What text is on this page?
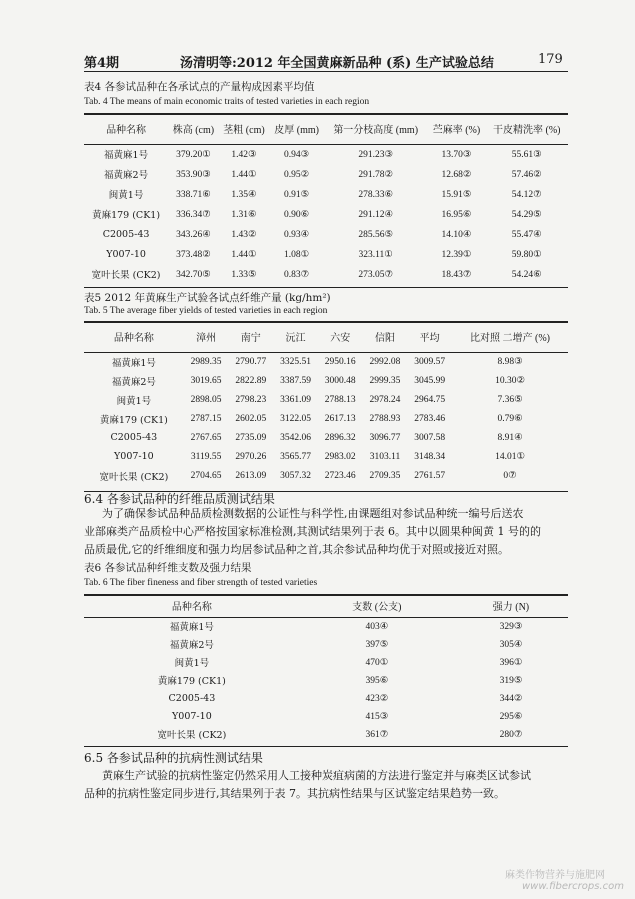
第4期	汤清明等:2012 年全国黄麻新品种 (系) 生产试验总结	179
表4 各参试品种在各承试点的产量构成因素平均值
Tab. 4 The means of main economic traits of tested varieties in each region
品种名称	株高 (cm)	茎粗 (cm)	皮厚 (mm)	第一分枝高度 (mm)	苎麻率 (%)	干皮精洗率 (%)
福黄麻1号	379.20①	1.42③	0.94③	291.23③	13.70③	55.61③
福黄麻2号	353.90③	1.44①	0.95②	291.78②	12.68②	57.46②
闽黄1号	338.71⑥	1.35④	0.91⑤	278.33⑥	15.91⑤	54.12⑦
黄麻179 (CK1)	336.34⑦	1.31⑥	0.90⑥	291.12④	16.95⑥	54.29⑤
C2005-43	343.26④	1.43②	0.93④	285.56⑤	14.10④	55.47④
Y007-10	373.48②	1.44①	1.08①	323.11①	12.39①	59.80①
宽叶长果 (CK2)	342.70⑤	1.33⑤	0.83⑦	273.05⑦	18.43⑦	54.24⑥
表5 2012 年黄麻生产试验各试点纤维产量 (kg/hm²)
Tab. 5 The average fiber yields of tested varieties in each region
品种名称	漳州	南宁	沅江	六安	信阳	平均	比对照 二增产 (%)
福黄麻1号	2989.35	2790.77	3325.51	2950.16	2992.08	3009.57	8.98③
福黄麻2号	3019.65	2822.89	3387.59	3000.48	2999.35	3045.99	10.30②
闽黄1号	2898.05	2798.23	3361.09	2788.13	2978.24	2964.75	7.36⑤
黄麻179 (CK1)	2787.15	2602.05	3122.05	2617.13	2788.93	2783.46	0.79⑥
C2005-43	2767.65	2735.09	3542.06	2896.32	3096.77	3007.58	8.91④
Y007-10	3119.55	2970.26	3565.77	2983.02	3103.11	3148.34	14.01①
宽叶长果 (CK2)	2704.65	2613.09	3057.32	2723.46	2709.35	2761.57	0⑦
6.4 各参试品种的纤维品质测试结果
为了确保参试品种品质检测数据的公证性与科学性,由课题组对参试品种统一编号后送农
业部麻类产品质检中心严格按国家标准检测,其测试结果列于表 6。其中以圆果种闽黄 1 号的的
品质最优,它的纤维细度和强力均居参试品种之首,其余参试品种均优于对照或接近对照。
表6 各参试品种纤维支数及强力结果
Tab. 6 The fiber fineness and fiber strength of tested varieties
品种名称	支数 (公支)	强力 (N)
福黄麻1号	403④	329③
福黄麻2号	397⑤	305④
闽黄1号	470①	396①
黄麻179 (CK1)	395⑥	319⑤
C2005-43	423②	344②
Y007-10	415③	295⑥
宽叶长果 (CK2)	361⑦	280⑦
6.5 各参试品种的抗病性测试结果
黄麻生产试验的抗病性鉴定仍然采用人工接种炭疽病菌的方法进行鉴定并与麻类区试参试
品种的抗病性鉴定同步进行,其结果列于表 7。其抗病性结果与区试鉴定结果趋势一致。
麻类作物营养与施肥网
www.fibercrops.com
